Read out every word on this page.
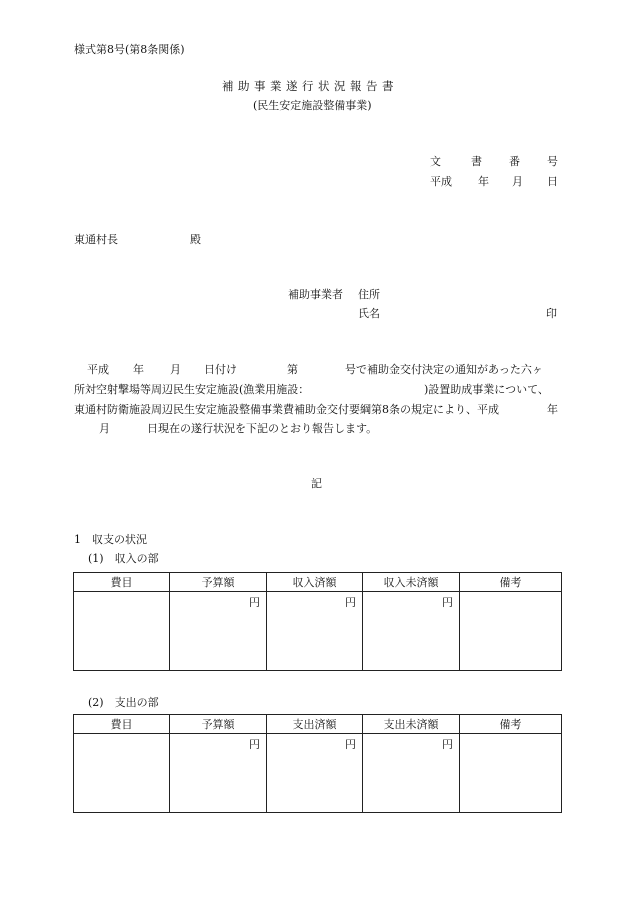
様式第8号(第8条関係)
補助事業遂行状況報告書
(民生安定施設整備事業)
文	書 番 号
平成 年 月 日
東通村長	殿
補助事業者 住所
氏名	印
平成 年 月 日付け	第	号で補助金交付決定の通知があった六ヶ
所対空射撃場等周辺民生安定施設(漁業用施設：	)設置助成事業について、
東通村防衛施設周辺民生安定施設整備事業費補助金交付要綱第8条の規定により、平成	年
月	日現在の遂行状況を下記のとおり報告します。
記
1　収支の状況
(1)　収入の部
費目	予算額	収入済額	収入未済額	備考
	円	円	円	
(2)　支出の部
費目	予算額	支出済額	支出未済額	備考
	円	円	円	
